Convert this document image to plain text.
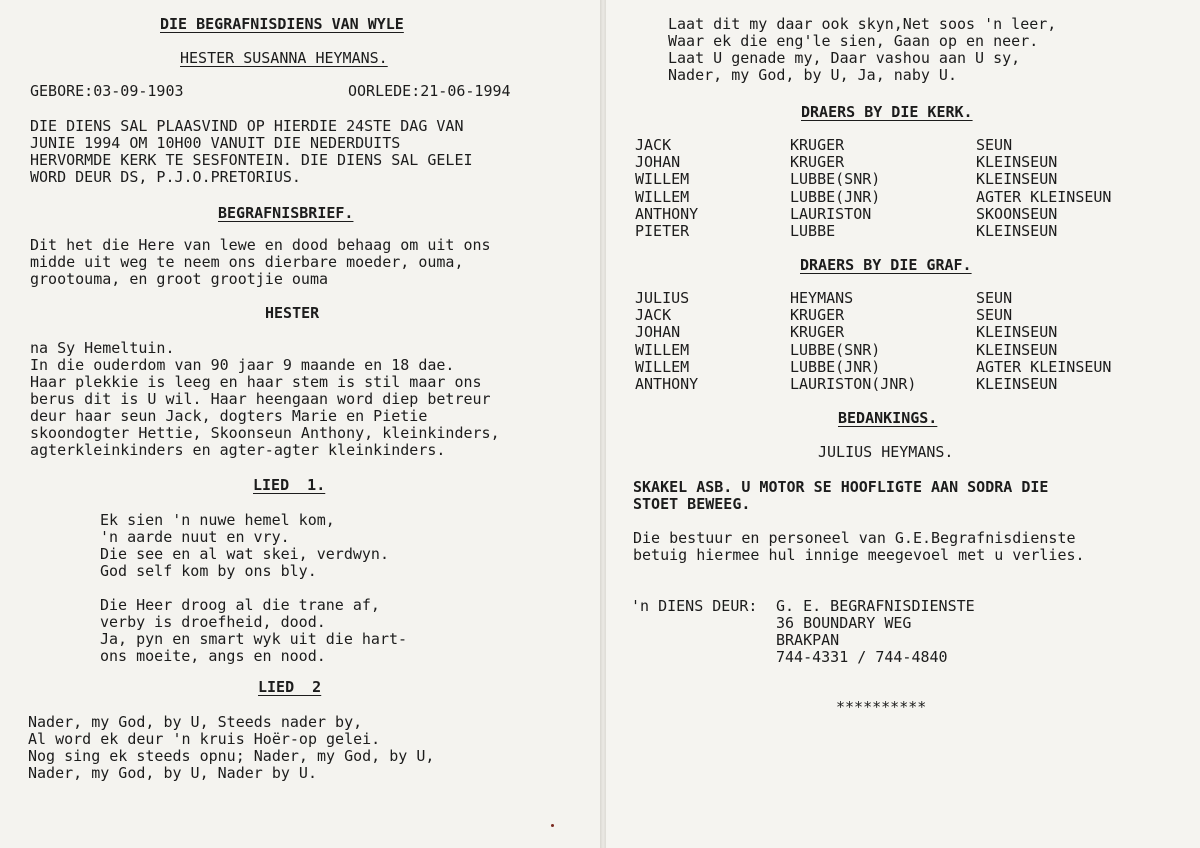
DIE BEGRAFNISDIENS VAN WYLE
HESTER SUSANNA HEYMANS.
GEBORE:03-09-1903	OORLEDE:21-06-1994
DIE DIENS SAL PLAASVIND OP HIERDIE 24STE DAG VAN
JUNIE 1994 OM 10H00 VANUIT DIE NEDERDUITS
HERVORMDE KERK TE SESFONTEIN. DIE DIENS SAL GELEI
WORD DEUR DS, P.J.O.PRETORIUS.
BEGRAFNISBRIEF.
Dit het die Here van lewe en dood behaag om uit ons
midde uit weg te neem ons dierbare moeder, ouma,
grootouma, en groot grootjie ouma
HESTER
na Sy Hemeltuin.
In die ouderdom van 90 jaar 9 maande en 18 dae.
Haar plekkie is leeg en haar stem is stil maar ons
berus dit is U wil. Haar heengaan word diep betreur
deur haar seun Jack, dogters Marie en Pietie
skoondogter Hettie, Skoonseun Anthony, kleinkinders,
agterkleinkinders en agter-agter kleinkinders.
LIED  1.
Ek sien 'n nuwe hemel kom,
'n aarde nuut en vry.
Die see en al wat skei, verdwyn.
God self kom by ons bly.
Die Heer droog al die trane af,
verby is droefheid, dood.
Ja, pyn en smart wyk uit die hart-
ons moeite, angs en nood.
LIED  2
Nader, my God, by U, Steeds nader by,
Al word ek deur 'n kruis Hoër-op gelei.
Nog sing ek steeds opnu; Nader, my God, by U,
Nader, my God, by U, Nader by U.
Laat dit my daar ook skyn,Net soos 'n leer,
Waar ek die eng'le sien, Gaan op en neer.
Laat U genade my, Daar vashou aan U sy,
Nader, my God, by U, Ja, naby U.
DRAERS BY DIE KERK.
JACK
JOHAN
WILLEM
WILLEM
ANTHONY
PIETER
KRUGER
KRUGER
LUBBE(SNR)
LUBBE(JNR)
LAURISTON
LUBBE
SEUN
KLEINSEUN
KLEINSEUN
AGTER KLEINSEUN
SKOONSEUN
KLEINSEUN
DRAERS BY DIE GRAF.
JULIUS
JACK
JOHAN
WILLEM
WILLEM
ANTHONY
HEYMANS
KRUGER
KRUGER
LUBBE(SNR)
LUBBE(JNR)
LAURISTON(JNR)
SEUN
SEUN
KLEINSEUN
KLEINSEUN
AGTER KLEINSEUN
KLEINSEUN
BEDANKINGS.
JULIUS HEYMANS.
SKAKEL ASB. U MOTOR SE HOOFLIGTE AAN SODRA DIE
STOET BEWEEG.
Die bestuur en personeel van G.E.Begrafnisdienste
betuig hiermee hul innige meegevoel met u verlies.
'n DIENS DEUR: G. E. BEGRAFNISDIENSTE
36 BOUNDARY WEG
BRAKPAN
744-4331 / 744-4840
**********
